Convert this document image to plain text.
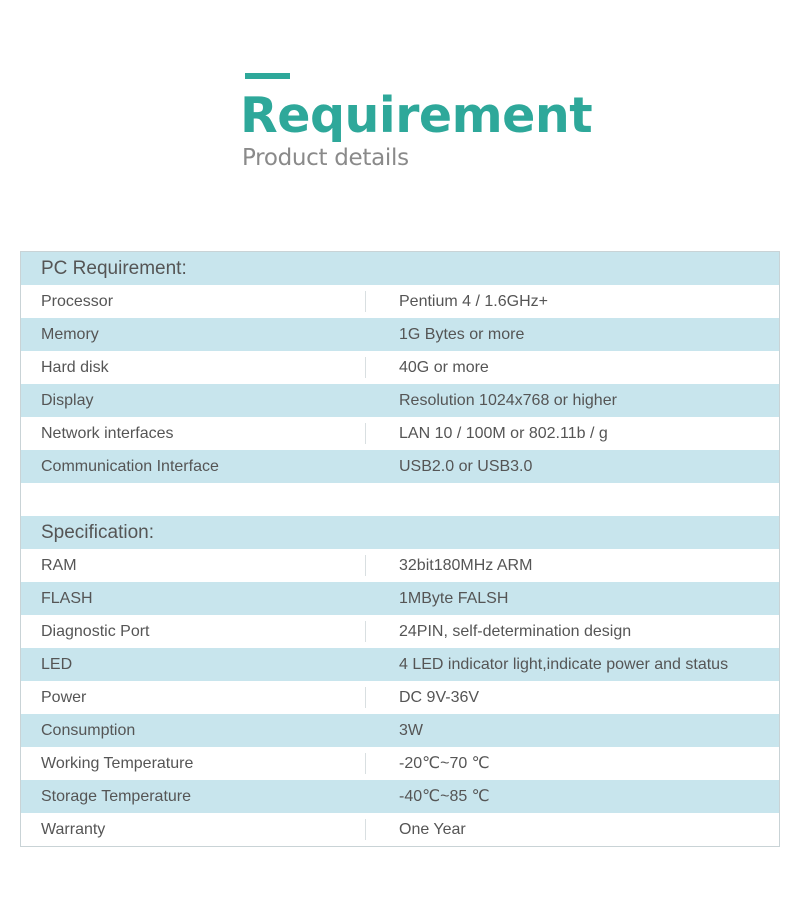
Requirement

Product details

PC Requirement:
Processor	Pentium 4 / 1.6GHz+
Memory	1G Bytes or more
Hard disk	40G or more
Display	Resolution 1024x768 or higher
Network interfaces	LAN 10 / 100M or 802.11b / g
Communication Interface	USB2.0 or USB3.0
Specification:
RAM	32bit180MHz ARM
FLASH	1MByte FALSH
Diagnostic Port	24PIN, self-determination design
LED	4 LED indicator light,indicate power and status
Power	DC 9V-36V
Consumption	3W
Working Temperature	-20℃~70 ℃
Storage Temperature	-40℃~85 ℃
Warranty	One Year
